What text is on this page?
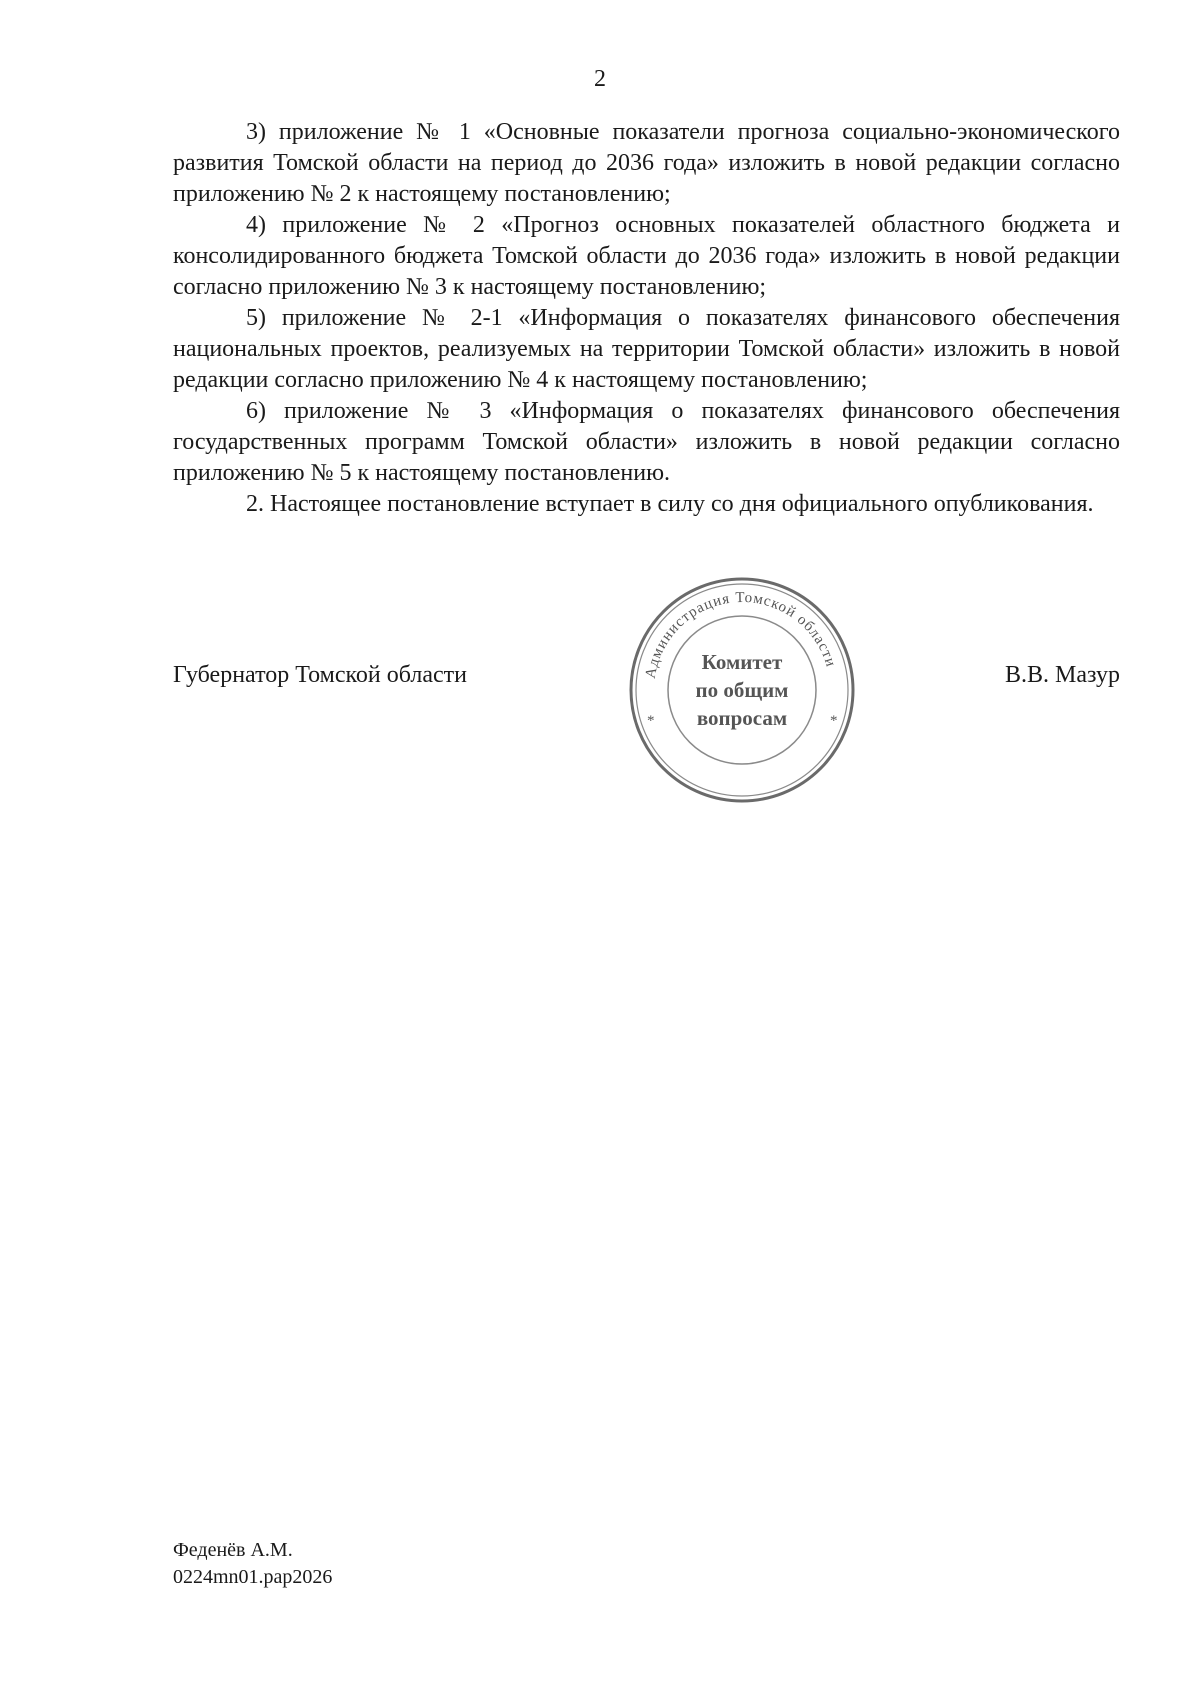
2

3) приложение № 1 «Основные показатели прогноза социально-экономического развития Томской области на период до 2036 года» изложить в новой редакции согласно приложению № 2 к настоящему постановлению;

4) приложение № 2 «Прогноз основных показателей областного бюджета и консолидированного бюджета Томской области до 2036 года» изложить в новой редакции согласно приложению № 3 к настоящему постановлению;

5) приложение № 2-1 «Информация о показателях финансового обеспечения национальных проектов, реализуемых на территории Томской области» изложить в новой редакции согласно приложению № 4 к настоящему постановлению;

6) приложение № 3 «Информация о показателях финансового обеспечения государственных программ Томской области» изложить в новой редакции согласно приложению № 5 к настоящему постановлению.

2. Настоящее постановление вступает в силу со дня официального опубликования.

Губернатор Томской области	В.В. Мазур
Администрация Томской области
*	*
Комитет
по общим
вопросам
Феденёв А.М.
0224mn01.pap2026
